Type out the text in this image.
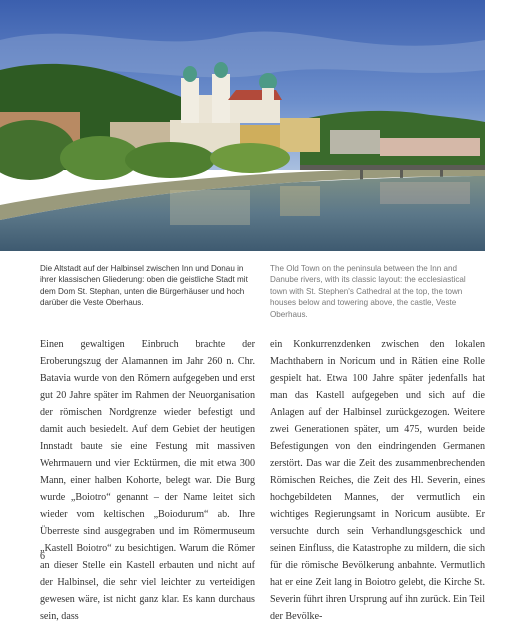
Die Altstadt auf der Halbinsel zwischen Inn und Donau in ihrer klassischen Gliederung: oben die geistliche Stadt mit dem Dom St. Stephan, unten die Bürgerhäuser und hoch darüber die Veste Oberhaus.
The Old Town on the peninsula between the Inn and Danube rivers, with its classic layout: the ecclesiastical town with St. Stephen's Cathedral at the top, the town houses below and towering above, the castle, Veste Oberhaus.
Einen gewaltigen Einbruch brachte der Eroberungszug der Alamannen im Jahr 260 n. Chr. Batavia wurde von den Römern aufgegeben und erst gut 20 Jahre später im Rahmen der Neuorganisation der römischen Nordgrenze wieder befestigt und damit auch besiedelt. Auf dem Gebiet der heutigen Innstadt baute sie eine Festung mit massiven Wehrmauern und vier Ecktürmen, die mit etwa 300 Mann, einer halben Kohorte, belegt war. Die Burg wurde „Boiotro“ genannt – der Name leitet sich wieder vom keltischen „Boiodurum“ ab. Ihre Überreste sind ausgegraben und im Römermuseum „Kastell Boiotro“ zu besichtigen. Warum die Römer an dieser Stelle ein Kastell erbauten und nicht auf der Halbinsel, die sehr viel leichter zu verteidigen gewesen wäre, ist nicht ganz klar. Es kann durchaus sein, dass
ein Konkurrenzdenken zwischen den lokalen Machthabern in Noricum und in Rätien eine Rolle gespielt hat. Etwa 100 Jahre später jedenfalls hat man das Kastell aufgegeben und sich auf die Anlagen auf der Halbinsel zurückgezogen. Weitere zwei Generationen später, um 475, wurden beide Befestigungen von den eindringenden Germanen zerstört. Das war die Zeit des zusammenbrechenden Römischen Reiches, die Zeit des Hl. Severin, eines hochgebildeten Mannes, der vermutlich ein wichtiges Regierungsamt in Noricum ausübte. Er versuchte durch sein Verhandlungsgeschick und seinen Einfluss, die Katastrophe zu mildern, die sich für die römische Bevölkerung anbahnte. Vermutlich hat er eine Zeit lang in Boiotro gelebt, die Kirche St. Severin führt ihren Ursprung auf ihn zurück. Ein Teil der Bevölke-
6
